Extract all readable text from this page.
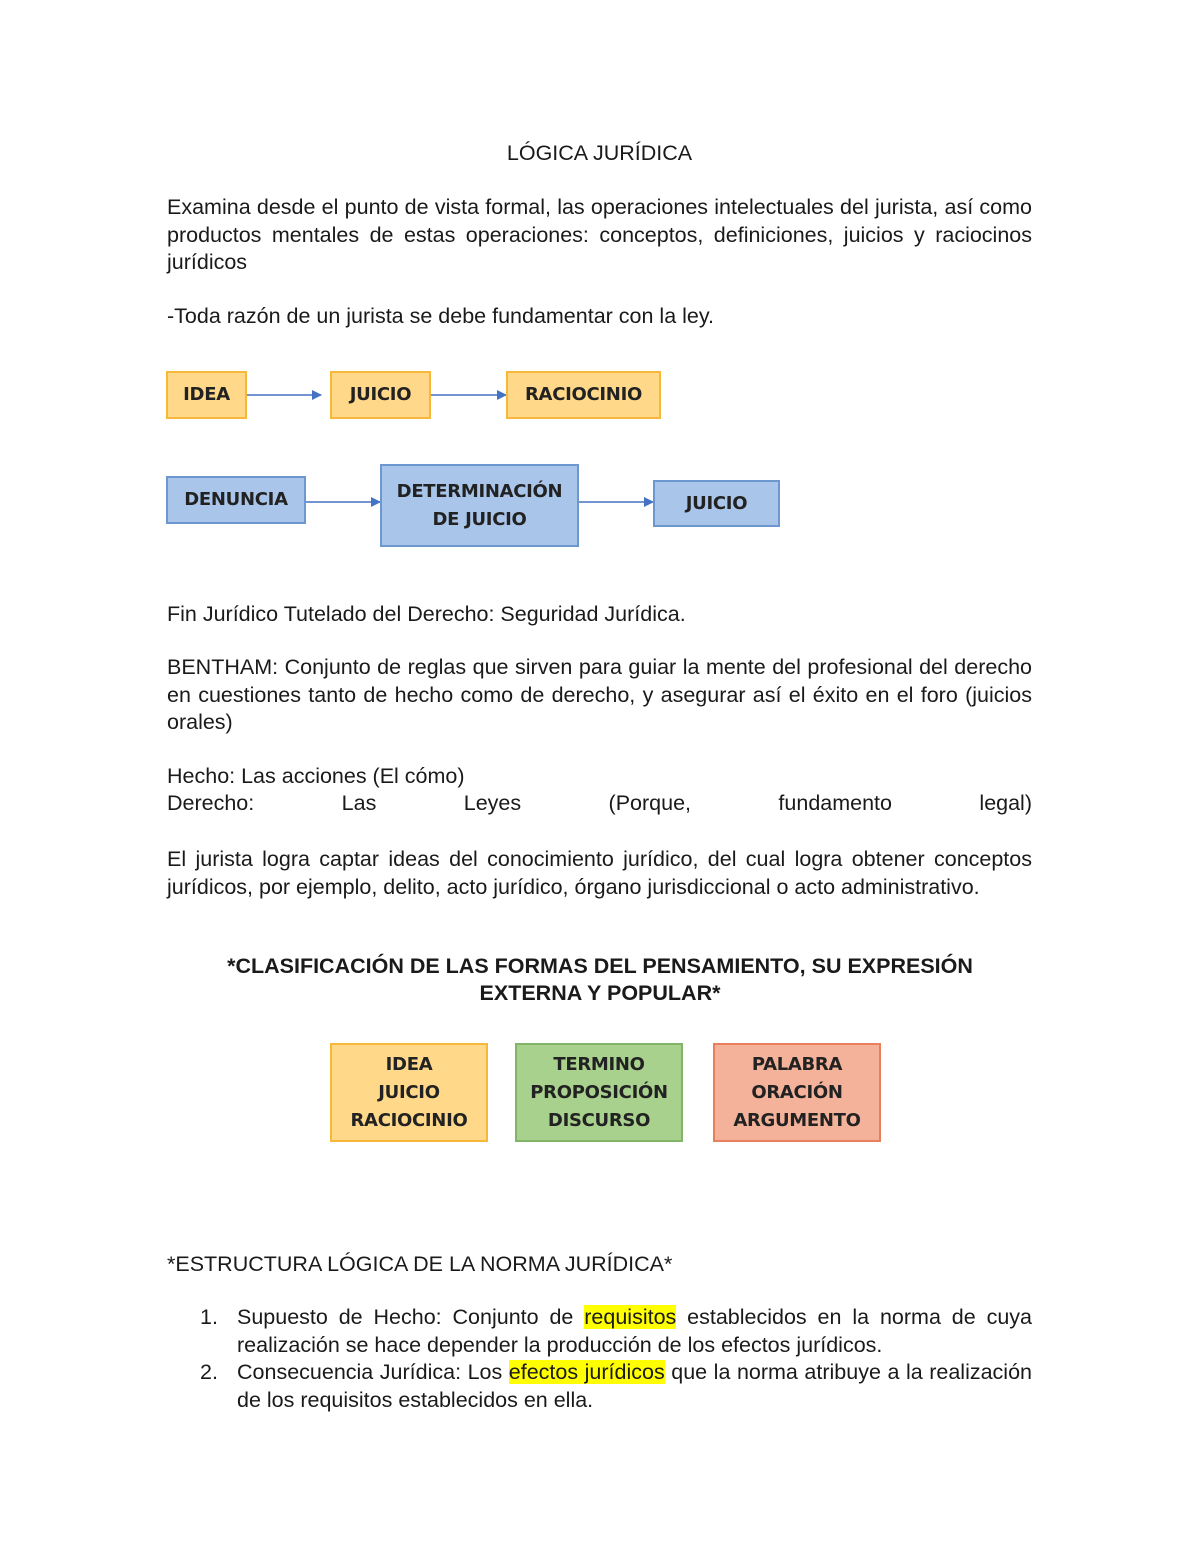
LÓGICA JURÍDICA
Examina desde el punto de vista formal, las operaciones intelectuales del jurista, así como productos mentales de estas operaciones: conceptos, definiciones, juicios y raciocinos jurídicos
-Toda razón de un jurista se debe fundamentar con la ley.
IDEA	JUICIO	RACIOCINIO
DENUNCIA	DETERMINACIÓN
DE JUICIO
JUICIO
Fin Jurídico Tutelado del Derecho: Seguridad Jurídica.
BENTHAM: Conjunto de reglas que sirven para guiar la mente del profesional del derecho en cuestiones tanto de hecho como de derecho, y asegurar así el éxito en el foro (juicios orales)
Hecho: Las acciones (El cómo)
Derecho: Las Leyes (Porque, fundamento legal)
El jurista logra captar ideas del conocimiento jurídico, del cual logra obtener conceptos jurídicos, por ejemplo, delito, acto jurídico, órgano jurisdiccional o acto administrativo.
*CLASIFICACIÓN DE LAS FORMAS DEL PENSAMIENTO, SU EXPRESIÓN
EXTERNA Y POPULAR*
IDEA
JUICIO
RACIOCINIO
TERMINO
PROPOSICIÓN
DISCURSO
PALABRA
ORACIÓN
ARGUMENTO
*ESTRUCTURA LÓGICA DE LA NORMA JURÍDICA*
1. Supuesto de Hecho: Conjunto de requisitos establecidos en la norma de cuya realización se hace depender la producción de los efectos jurídicos.
2. Consecuencia Jurídica: Los efectos jurídicos que la norma atribuye a la realización de los requisitos establecidos en ella.
